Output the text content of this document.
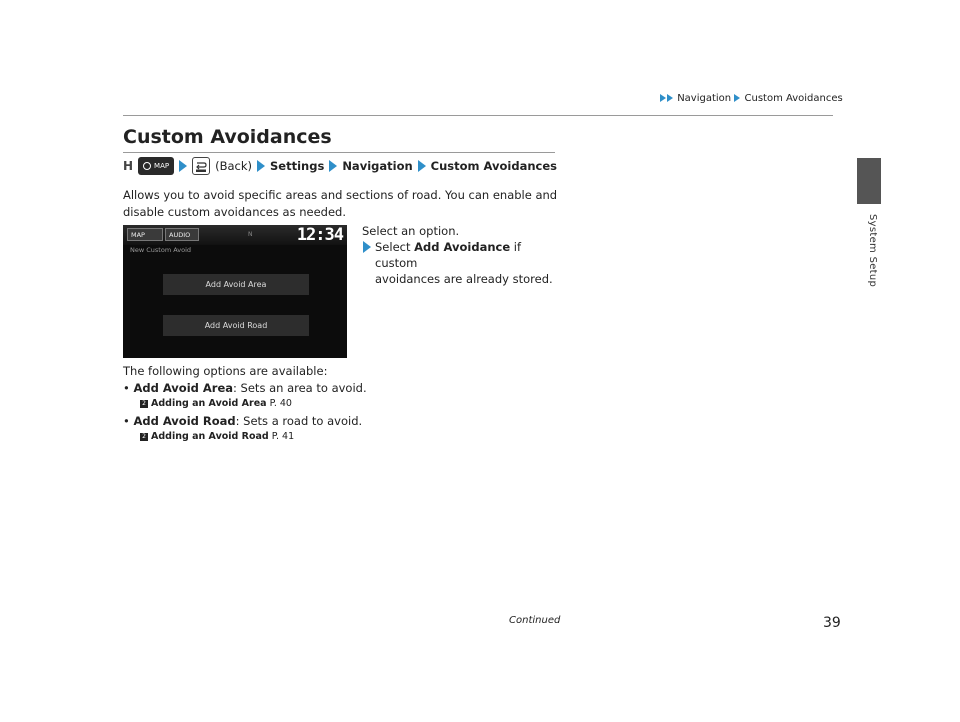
Navigation Custom Avoidances
System Setup
Custom Avoidances
H	MAP	(Back) Settings Navigation Custom Avoidances
Allows you to avoid specific areas and sections of road. You can enable and disable custom avoidances as needed.
MAP	AUDIO	N	12:34
New Custom Avoid
Add Avoid Area
Add Avoid Road
Select an option.
Select Add Avoidance if custom
avoidances are already stored.
The following options are available:
• Add Avoid Area: Sets an area to avoid.
2 Adding an Avoid Area P. 40
• Add Avoid Road: Sets a road to avoid.
2 Adding an Avoid Road P. 41
Continued	39
